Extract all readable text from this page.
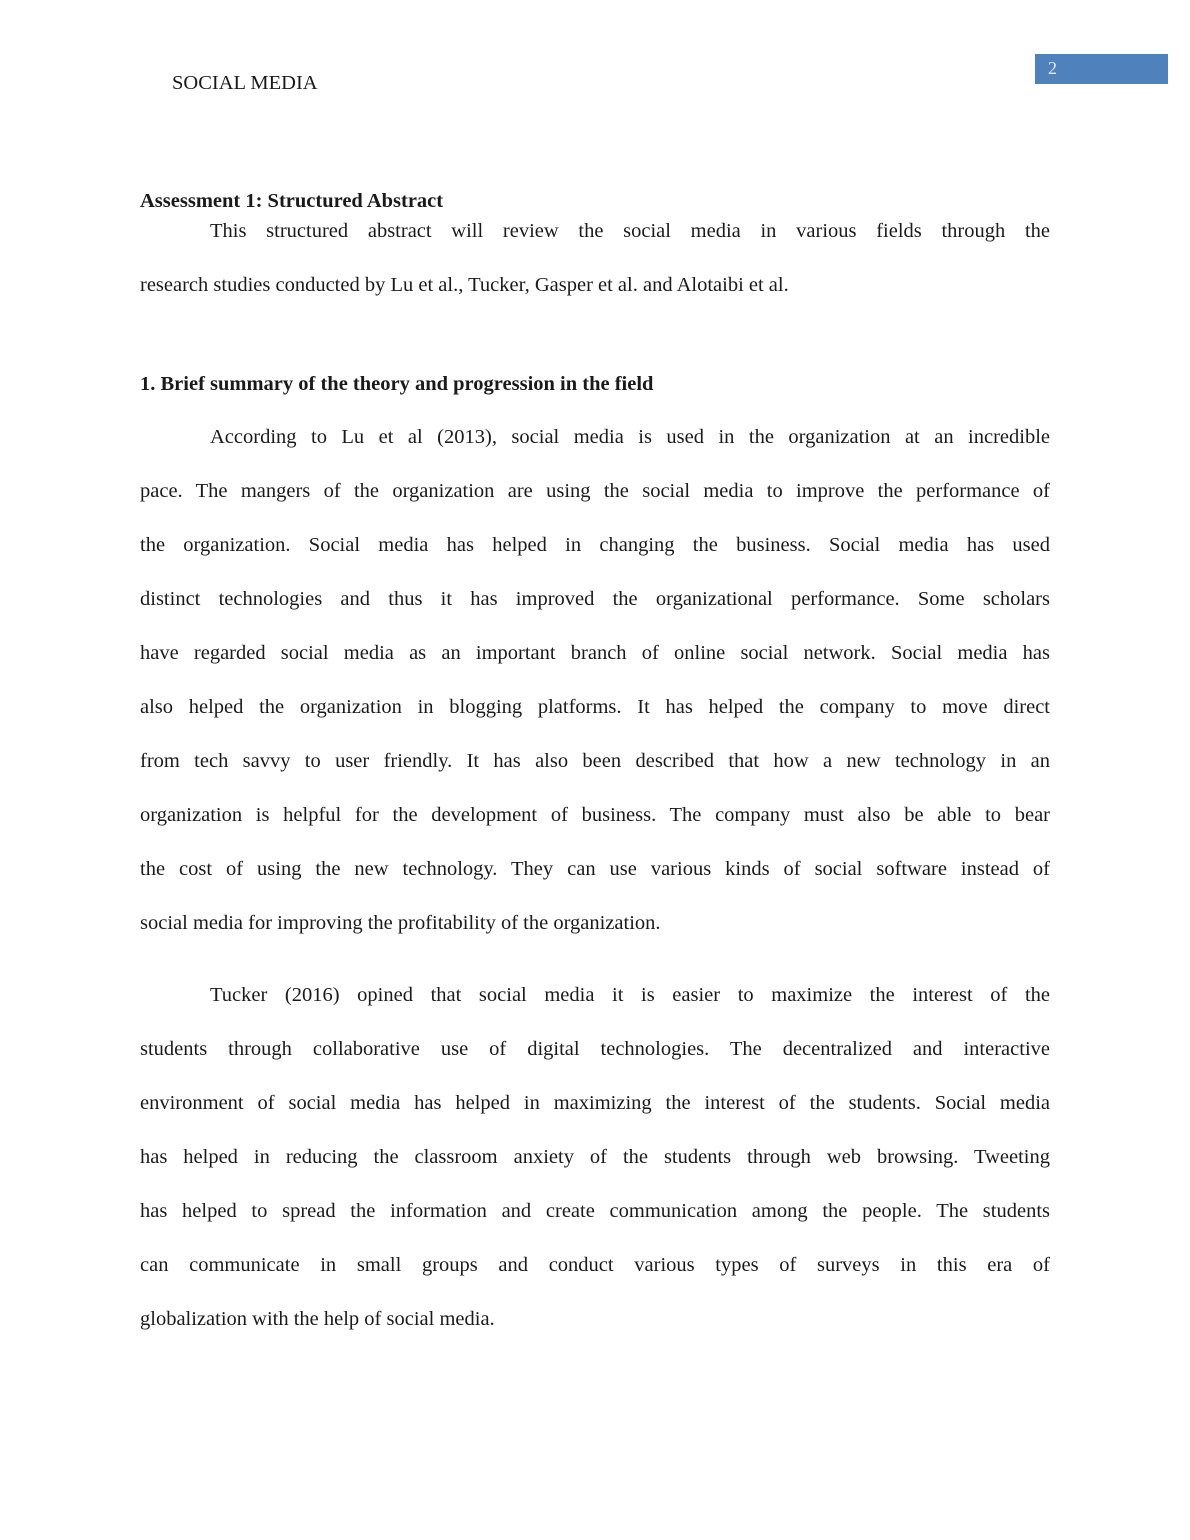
SOCIAL MEDIA
2
Assessment 1: Structured Abstract
This structured abstract will review the social media in various fields through the
research studies conducted by Lu et al., Tucker, Gasper et al. and Alotaibi et al.
1. Brief summary of the theory and progression in the field
According to Lu et al (2013), social media is used in the organization at an incredible
pace. The mangers of the organization are using the social media to improve the performance of
the organization. Social media has helped in changing the business. Social media has used
distinct technologies and thus it has improved the organizational performance. Some scholars
have regarded social media as an important branch of online social network. Social media has
also helped the organization in blogging platforms. It has helped the company to move direct
from tech savvy to user friendly. It has also been described that how a new technology in an
organization is helpful for the development of business. The company must also be able to bear
the cost of using the new technology. They can use various kinds of social software instead of
social media for improving the profitability of the organization.
Tucker (2016) opined that social media it is easier to maximize the interest of the
students through collaborative use of digital technologies. The decentralized and interactive
environment of social media has helped in maximizing the interest of the students. Social media
has helped in reducing the classroom anxiety of the students through web browsing. Tweeting
has helped to spread the information and create communication among the people. The students
can communicate in small groups and conduct various types of surveys in this era of
globalization with the help of social media.
